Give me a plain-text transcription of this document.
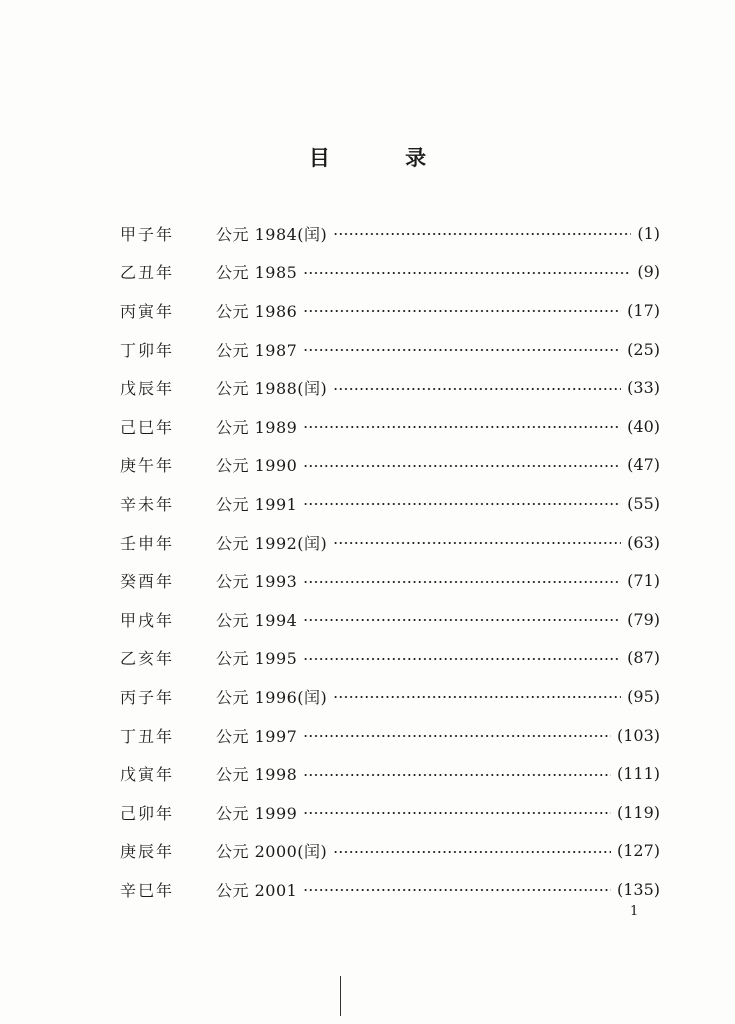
目 录
甲子年	公元 1984(闰)	(1)
乙丑年	公元 1985	(9)
丙寅年	公元 1986	(17)
丁卯年	公元 1987	(25)
戊辰年	公元 1988(闰)	(33)
己巳年	公元 1989	(40)
庚午年	公元 1990	(47)
辛未年	公元 1991	(55)
壬申年	公元 1992(闰)	(63)
癸酉年	公元 1993	(71)
甲戌年	公元 1994	(79)
乙亥年	公元 1995	(87)
丙子年	公元 1996(闰)	(95)
丁丑年	公元 1997	(103)
戊寅年	公元 1998	(111)
己卯年	公元 1999	(119)
庚辰年	公元 2000(闰)	(127)
辛巳年	公元 2001	(135)
1
